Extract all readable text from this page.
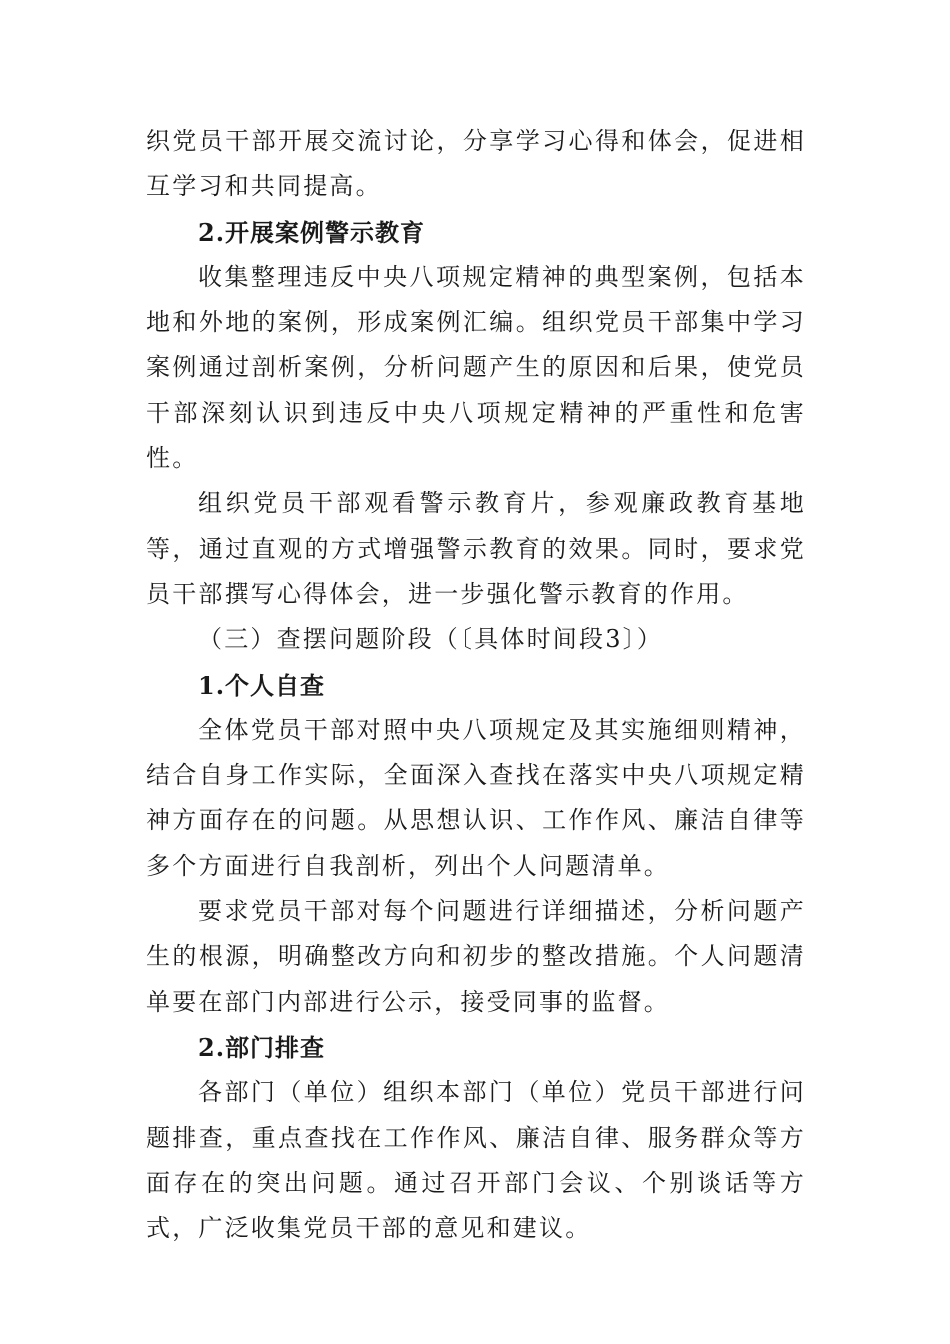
织党员干部开展交流讨论，分享学习心得和体会，促进相互学习和共同提高。

2.开展案例警示教育

收集整理违反中央八项规定精神的典型案例，包括本地和外地的案例，形成案例汇编。组织党员干部集中学习案例通过剖析案例，分析问题产生的原因和后果，使党员干部深刻认识到违反中央八项规定精神的严重性和危害性。

组织党员干部观看警示教育片，参观廉政教育基地等，通过直观的方式增强警示教育的效果。同时，要求党员干部撰写心得体会，进一步强化警示教育的作用。

（三）查摆问题阶段（〔具体时间段3〕）

1.个人自查

全体党员干部对照中央八项规定及其实施细则精神，结合自身工作实际，全面深入查找在落实中央八项规定精神方面存在的问题。从思想认识、工作作风、廉洁自律等多个方面进行自我剖析，列出个人问题清单。

要求党员干部对每个问题进行详细描述，分析问题产生的根源，明确整改方向和初步的整改措施。个人问题清单要在部门内部进行公示，接受同事的监督。

2.部门排查

各部门（单位）组织本部门（单位）党员干部进行问题排查，重点查找在工作作风、廉洁自律、服务群众等方面存在的突出问题。通过召开部门会议、个别谈话等方式，广泛收集党员干部的意见和建议。
